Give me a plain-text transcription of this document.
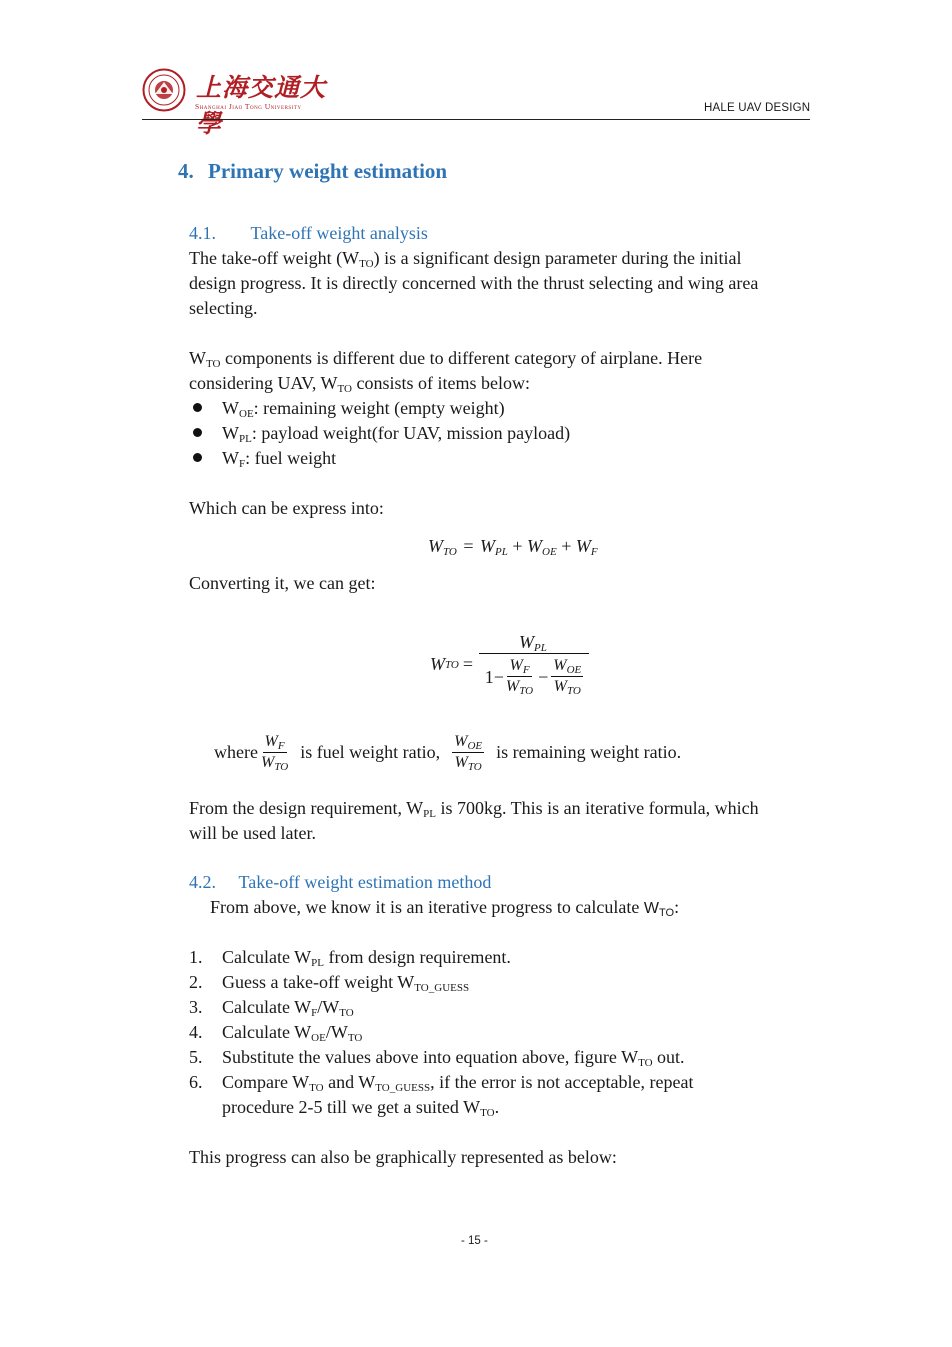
上海交通大學
Shanghai Jiao Tong University	HALE UAV DESIGN
4. Primary weight estimation
4.1. Take-off weight analysis
The take-off weight $(W_{TO})$ is a significant design parameter during the initial
design progress. It is directly concerned with the thrust selecting and wing area
selecting.
$W_{TO}$ components is different due to different category of airplane. Here
considering UAV, $W_{TO}$ consists of items below:
$W_{OE}$: remaining weight (empty weight)
$W_{PL}$: payload weight(for UAV, mission payload)
$W_F$: fuel weight
Which can be express into:
$W_{TO} = W_{PL} + W_{OE} + W_F$
Converting it, we can get:
W TO =
$W_{PL}$
$1 - \frac{W_F}{W_{TO}} - \frac{W_{OE}}{W_{TO}}$
where $\frac{W_F}{W_{TO}}$ is fuel weight ratio, $\frac{W_{OE}}{W_{TO}}$ is remaining weight ratio.
From the design requirement, $W_{PL}$ is 700kg. This is an iterative formula, which
will be used later.
4.2. Take-off weight estimation method
From above, we know it is an iterative progress to calculate $W_{TO}$:
1. Calculate $W_{PL}$ from design requirement.
2. Guess a take-off weight $W_{TO\_GUESS}$
3. Calculate $W_F/W_{TO}$
4. Calculate $W_{OE}/W_{TO}$
5. Substitute the values above into equation above, figure $W_{TO}$ out.
6. Compare $W_{TO}$ and $W_{TO\_GUESS}$, if the error is not acceptable, repeat
procedure 2-5 till we get a suited $W_{TO}$.
This progress can also be graphically represented as below:
- 15 -
